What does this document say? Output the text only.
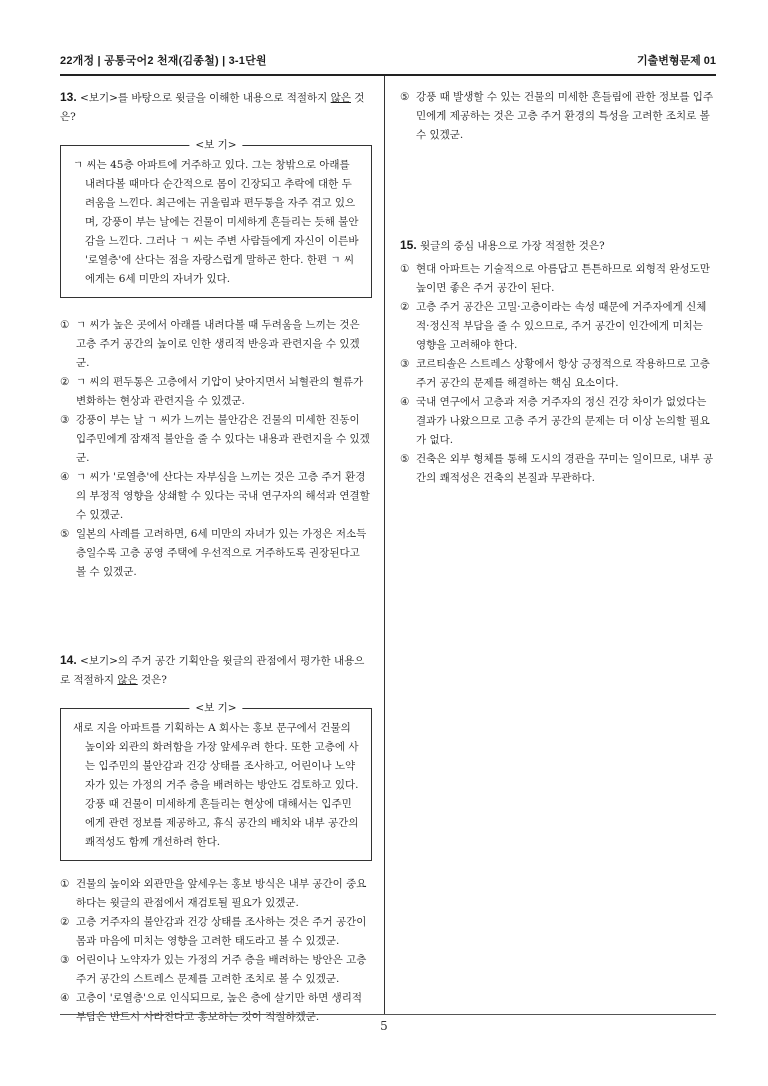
22개정 | 공통국어2 천재(김종철) | 3-1단원	기출변형문제 01

13. <보기>를 바탕으로 윗글을 이해한 내용으로 적절하지 않은 것은?

<보 기>

ㄱ 씨는 45층 아파트에 거주하고 있다. 그는 창밖으로 아래를 내려다볼 때마다 순간적으로 몸이 긴장되고 추락에 대한 두려움을 느낀다. 최근에는 귀울림과 편두통을 자주 겪고 있으며, 강풍이 부는 날에는 건물이 미세하게 흔들리는 듯해 불안감을 느낀다. 그러나 ㄱ 씨는 주변 사람들에게 자신이 이른바 '로열층'에 산다는 점을 자랑스럽게 말하곤 한다. 한편 ㄱ 씨에게는 6세 미만의 자녀가 있다.

① ㄱ 씨가 높은 곳에서 아래를 내려다볼 때 두려움을 느끼는 것은 고층 주거 공간의 높이로 인한 생리적 반응과 관련지을 수 있겠군.

② ㄱ 씨의 편두통은 고층에서 기압이 낮아지면서 뇌혈관의 혈류가 변화하는 현상과 관련지을 수 있겠군.

③ 강풍이 부는 날 ㄱ 씨가 느끼는 불안감은 건물의 미세한 진동이 입주민에게 잠재적 불안을 줄 수 있다는 내용과 관련지을 수 있겠군.

④ ㄱ 씨가 '로열층'에 산다는 자부심을 느끼는 것은 고층 주거 환경의 부정적 영향을 상쇄할 수 있다는 국내 연구자의 해석과 연결할 수 있겠군.

⑤ 일본의 사례를 고려하면, 6세 미만의 자녀가 있는 가정은 저소득층일수록 고층 공영 주택에 우선적으로 거주하도록 권장된다고 볼 수 있겠군.

14. <보기>의 주거 공간 기획안을 윗글의 관점에서 평가한 내용으로 적절하지 않은 것은?

<보 기>

새로 지을 아파트를 기획하는 A 회사는 홍보 문구에서 건물의 높이와 외관의 화려함을 가장 앞세우려 한다. 또한 고층에 사는 입주민의 불안감과 건강 상태를 조사하고, 어린이나 노약자가 있는 가정의 거주 층을 배려하는 방안도 검토하고 있다. 강풍 때 건물이 미세하게 흔들리는 현상에 대해서는 입주민에게 관련 정보를 제공하고, 휴식 공간의 배치와 내부 공간의 쾌적성도 함께 개선하려 한다.

① 건물의 높이와 외관만을 앞세우는 홍보 방식은 내부 공간이 중요하다는 윗글의 관점에서 재검토될 필요가 있겠군.

② 고층 거주자의 불안감과 건강 상태를 조사하는 것은 주거 공간이 몸과 마음에 미치는 영향을 고려한 태도라고 볼 수 있겠군.

③ 어린이나 노약자가 있는 가정의 거주 층을 배려하는 방안은 고층 주거 공간의 스트레스 문제를 고려한 조치로 볼 수 있겠군.

④ 고층이 '로열층'으로 인식되므로, 높은 층에 살기만 하면 생리적 부담은 반드시 사라진다고 홍보하는 것이 적절하겠군.

⑤ 강풍 때 발생할 수 있는 건물의 미세한 흔들림에 관한 정보를 입주민에게 제공하는 것은 고층 주거 환경의 특성을 고려한 조치로 볼 수 있겠군.

15. 윗글의 중심 내용으로 가장 적절한 것은?

① 현대 아파트는 기술적으로 아름답고 튼튼하므로 외형적 완성도만 높이면 좋은 주거 공간이 된다.

② 고층 주거 공간은 고밀·고층이라는 속성 때문에 거주자에게 신체적·정신적 부담을 줄 수 있으므로, 주거 공간이 인간에게 미치는 영향을 고려해야 한다.

③ 코르티솔은 스트레스 상황에서 항상 긍정적으로 작용하므로 고층 주거 공간의 문제를 해결하는 핵심 요소이다.

④ 국내 연구에서 고층과 저층 거주자의 정신 건강 차이가 없었다는 결과가 나왔으므로 고층 주거 공간의 문제는 더 이상 논의할 필요가 없다.

⑤ 건축은 외부 형체를 통해 도시의 경관을 꾸미는 일이므로, 내부 공간의 쾌적성은 건축의 본질과 무관하다.

5
